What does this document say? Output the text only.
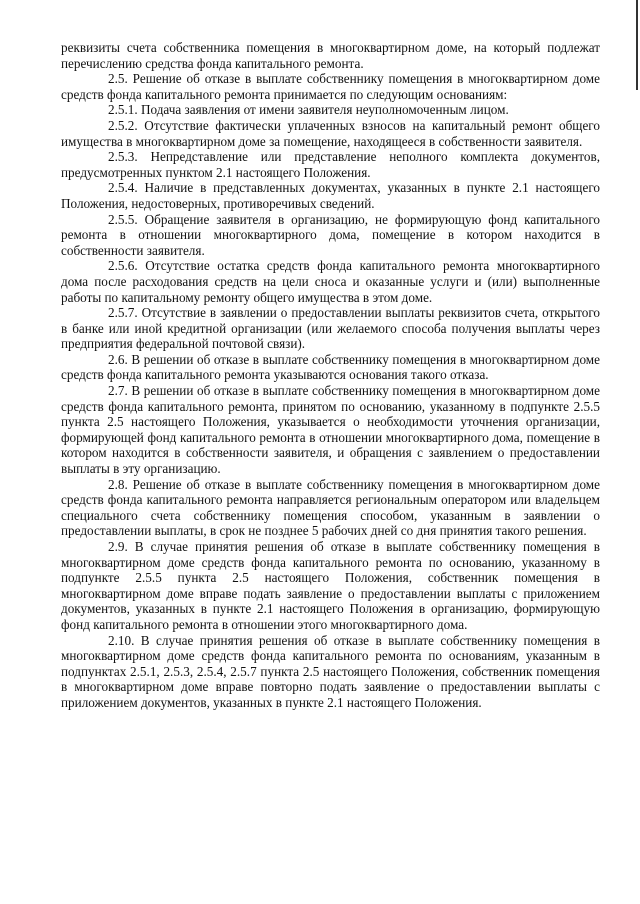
реквизиты счета собственника помещения в многоквартирном доме, на который подлежат перечислению средства фонда капитального ремонта.

2.5. Решение об отказе в выплате собственнику помещения в многоквартирном доме средств фонда капитального ремонта принимается по следующим основаниям:

2.5.1. Подача заявления от имени заявителя неуполномоченным лицом.

2.5.2. Отсутствие фактически уплаченных взносов на капитальный ремонт общего имущества в многоквартирном доме за помещение, находящееся в собственности заявителя.

2.5.3. Непредставление или представление неполного комплекта документов, предусмотренных пунктом 2.1 настоящего Положения.

2.5.4. Наличие в представленных документах, указанных в пункте 2.1 настоящего Положения, недостоверных, противоречивых сведений.

2.5.5. Обращение заявителя в организацию, не формирующую фонд капитального ремонта в отношении многоквартирного дома, помещение в котором находится в собственности заявителя.

2.5.6. Отсутствие остатка средств фонда капитального ремонта многоквартирного дома после расходования средств на цели сноса и оказанные услуги и (или) выполненные работы по капитальному ремонту общего имущества в этом доме.

2.5.7. Отсутствие в заявлении о предоставлении выплаты реквизитов счета, открытого в банке или иной кредитной организации (или желаемого способа получения выплаты через предприятия федеральной почтовой связи).

2.6. В решении об отказе в выплате собственнику помещения в многоквартирном доме средств фонда капитального ремонта указываются основания такого отказа.

2.7. В решении об отказе в выплате собственнику помещения в многоквартирном доме средств фонда капитального ремонта, принятом по основанию, указанному в подпункте 2.5.5 пункта 2.5 настоящего Положения, указывается о необходимости уточнения организации, формирующей фонд капитального ремонта в отношении многоквартирного дома, помещение в котором находится в собственности заявителя, и обращения с заявлением о предоставлении выплаты в эту организацию.

2.8. Решение об отказе в выплате собственнику помещения в многоквартирном доме средств фонда капитального ремонта направляется региональным оператором или владельцем специального счета собственнику помещения способом, указанным в заявлении о предоставлении выплаты, в срок не позднее 5 рабочих дней со дня принятия такого решения.

2.9. В случае принятия решения об отказе в выплате собственнику помещения в многоквартирном доме средств фонда капитального ремонта по основанию, указанному в подпункте 2.5.5 пункта 2.5 настоящего Положения, собственник помещения в многоквартирном доме вправе подать заявление о предоставлении выплаты с приложением документов, указанных в пункте 2.1 настоящего Положения в организацию, формирующую фонд капитального ремонта в отношении этого многоквартирного дома.

2.10. В случае принятия решения об отказе в выплате собственнику помещения в многоквартирном доме средств фонда капитального ремонта по основаниям, указанным в подпунктах 2.5.1, 2.5.3, 2.5.4, 2.5.7 пункта 2.5 настоящего Положения, собственник помещения в многоквартирном доме вправе повторно подать заявление о предоставлении выплаты с приложением документов, указанных в пункте 2.1 настоящего Положения.
